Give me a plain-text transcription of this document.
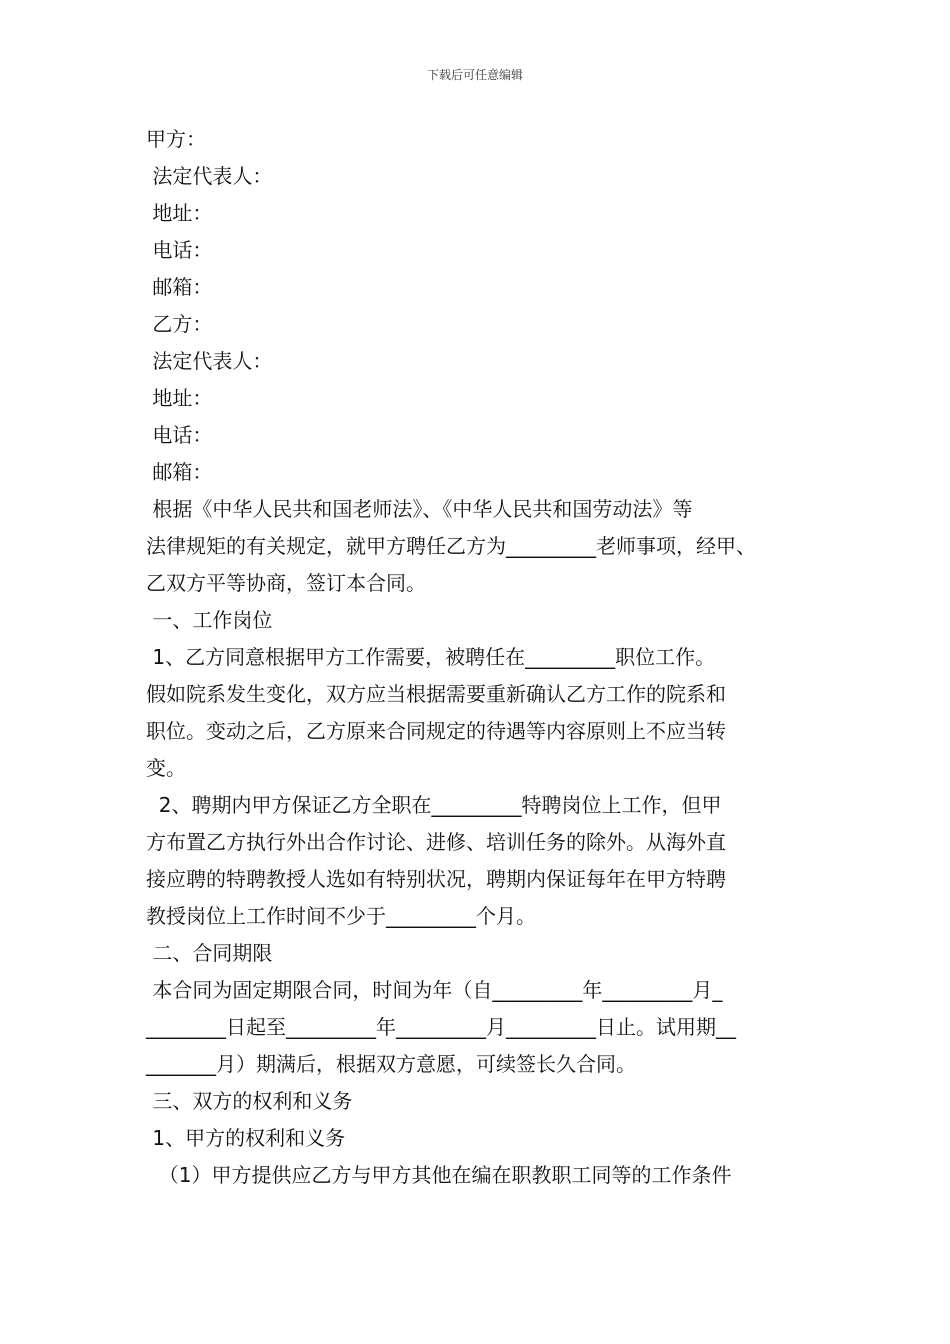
下载后可任意编辑
甲方：
法定代表人：
地址：
电话：
邮箱：
乙方：
法定代表人：
地址：
电话：
邮箱：
根据《中华人民共和国老师法》、《中华人民共和国劳动法》等
法律规矩的有关规定，就甲方聘任乙方为_________老师事项，经甲、
乙双方平等协商，签订本合同。
一、工作岗位
1、乙方同意根据甲方工作需要，被聘任在_________职位工作。
假如院系发生变化，双方应当根据需要重新确认乙方工作的院系和
职位。变动之后，乙方原来合同规定的待遇等内容原则上不应当转
变。
2、聘期内甲方保证乙方全职在_________特聘岗位上工作，但甲
方布置乙方执行外出合作讨论、进修、培训任务的除外。从海外直
接应聘的特聘教授人选如有特别状况，聘期内保证每年在甲方特聘
教授岗位上工作时间不少于_________个月。
二、合同期限
本合同为固定期限合同，时间为年（自_________年_________月_
________日起至_________年_________月_________日止。试用期__
_______月）期满后，根据双方意愿，可续签长久合同。
三、双方的权利和义务
1、甲方的权利和义务
（1）甲方提供应乙方与甲方其他在编在职教职工同等的工作条件
